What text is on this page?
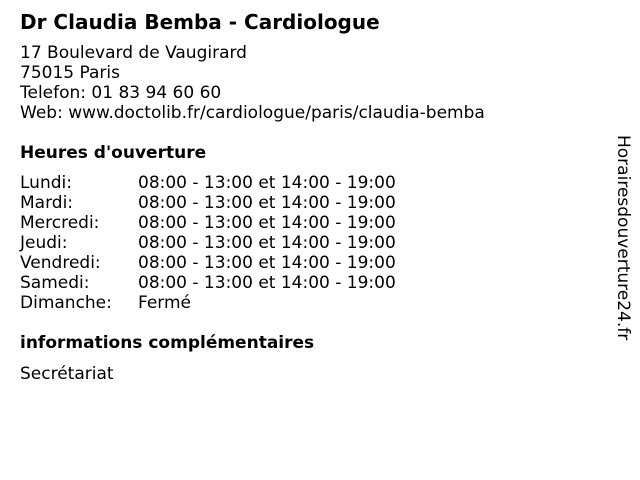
Dr Claudia Bemba - Cardiologue
17 Boulevard de Vaugirard
75015 Paris
Telefon: 01 83 94 60 60
Web: www.doctolib.fr/cardiologue/paris/claudia-bemba
Heures d'ouverture
Lundi:	08:00 - 13:00 et 14:00 - 19:00
Mardi:	08:00 - 13:00 et 14:00 - 19:00
Mercredi:	08:00 - 13:00 et 14:00 - 19:00
Jeudi:	08:00 - 13:00 et 14:00 - 19:00
Vendredi:	08:00 - 13:00 et 14:00 - 19:00
Samedi:	08:00 - 13:00 et 14:00 - 19:00
Dimanche:	Fermé
informations complémentaires
Secrétariat
Horairesdouverture24.fr
